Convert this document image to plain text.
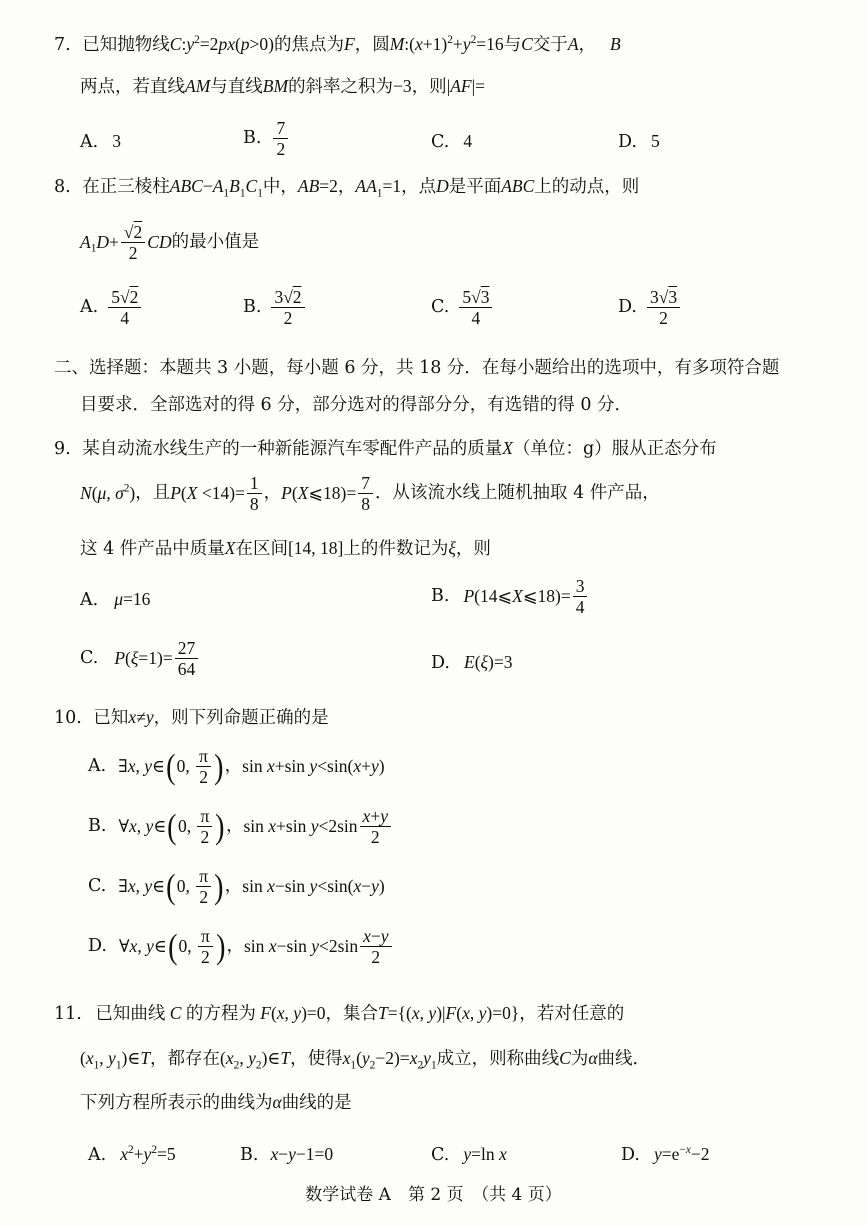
7. 已知抛物线$C:y^2=2px(p>0)$的焦点为F，圆$M:(x+1)^2+y^2=16$与C交于A， B
两点，若直线AM与直线BM的斜率之积为−3，则|AF|=
A. 3	B. $\frac{7}{2}$	C. 4	D. 5
8. 在正三棱柱$ABC-A_1B_1C_1$中，AB=2，$AA_1=1$，点D是平面ABC上的动点，则
$A_1D+ \frac{√2}{2}$ CD的最小值是
A. $\frac{5√2}{4}$	B. $\frac{3√2}{2}$	C. $\frac{5√3}{4}$	D. $\frac{3√3}{2}$
二、选择题：本题共 3 小题，每小题 6 分，共 18 分．在每小题给出的选项中，有多项符合题
目要求．全部选对的得 6 分，部分选对的得部分分，有选错的得 0 分．
9. 某自动流水线生产的一种新能源汽车零配件产品的质量X（单位：g）服从正态分布
N(μ, $\sigma^2$)，且$P(X <14)= \frac{1}{8}$ ，P(X⩽18)= $\frac{7}{8}$ ．从该流水线上随机抽取 4 件产品，
这 4 件产品中质量X在区间[14, 18]上的件数记为ξ，则
A. μ=16	B. P(14⩽X⩽18)= $\frac{3}{4}$
C. $P(\xi=1)= \frac{27}{64}$	D. E(ξ)=3
10. 已知x≠y，则下列命题正确的是
A. ∃x, y∈(0, $\frac{\pi}{2}$ )，sin x+sin y<sin(x+y)
B. ∀x, y∈(0, $\frac{\pi}{2}$ )，sin x+sin $y<2\sin \frac{x+y}{2}$
C. ∃x, y∈(0, $\frac{\pi}{2}$ )，sin x−sin y<sin(x−y)
D. ∀x, y∈(0, $\frac{\pi}{2}$ )，sin x−sin $y<2\sin \frac{x-y}{2}$
11. 已知曲线 C 的方程为 F(x, y)=0，集合T={(x, y)|F(x, y)=0}，若对任意的
($x_1$, $y_1)\in T$，都存在($x_2$, $y_2)\in T$，使得$x_1(y_2-2)=x_2y_1$成立，则称曲线C为α曲线．
下列方程所表示的曲线为α曲线的是
A. $x^2+y^2=5$	B. x−y−1=0	C. y=ln x	D. $y=e^{-x}-2$
数学试卷 A　第 2 页　（共 4 页）
